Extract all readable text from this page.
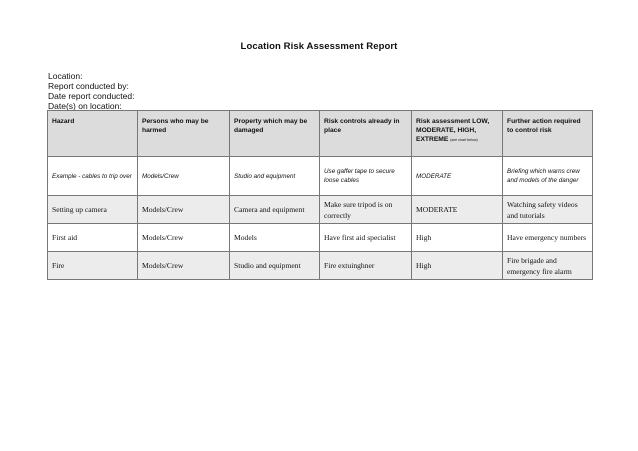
Location Risk Assessment Report
Location:
Report conducted by:
Date report conducted:
Date(s) on location:
Hazard	Persons who may be harmed	Property which may be damaged	Risk controls already in place	Risk assessment LOW, MODERATE, HIGH, EXTREME (see chart below)	Further action required to control risk
Example - cables to trip over	Models/Crew	Studio and equipment	Use gaffer tape to secure loose cables	MODERATE	Briefing which warns crew and models of the danger
Setting up camera	Models/Crew	Camera and equipment	Make sure tripod is on correctly	MODERATE	Watching safety videos and tutorials
First aid	Models/Crew	Models	Have first aid specialist	High	Have emergency numbers
Fire	Models/Crew	Studio and equipment	Fire extuinghner	High	Fire brigade and emergency fire alarm
